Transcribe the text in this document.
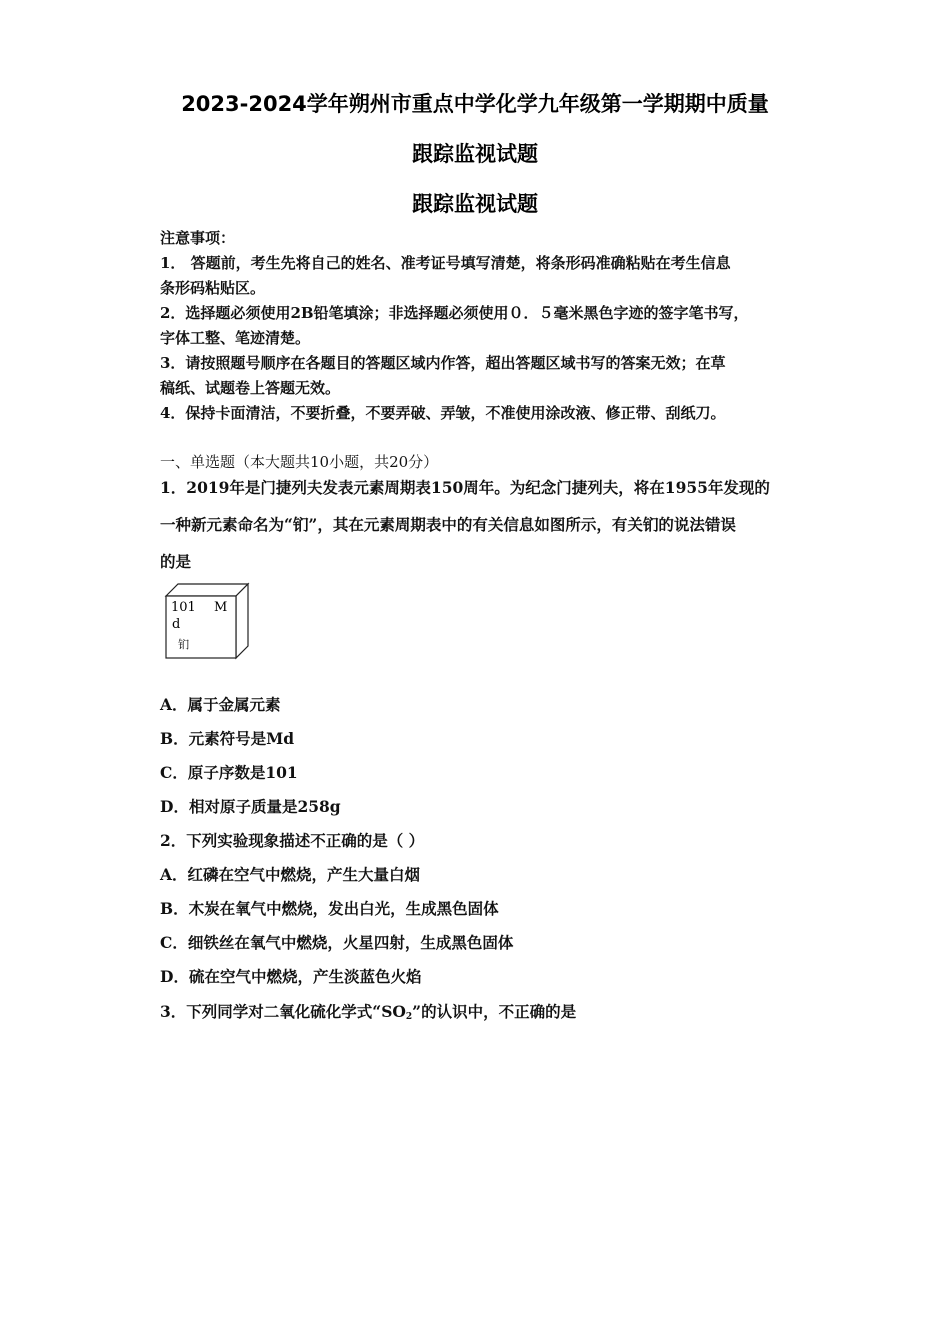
2023-2024学年朔州市重点中学化学九年级第一学期期中质量
跟踪监视试题
跟踪监视试题
注意事项：
1． 答题前，考生先将自己的姓名、准考证号填写清楚，将条形码准确粘贴在考生信息
条形码粘贴区。
2．选择题必须使用2B铅笔填涂；非选择题必须使用０．５毫米黑色字迹的签字笔书写，
字体工整、笔迹清楚。
3．请按照题号顺序在各题目的答题区域内作答，超出答题区域书写的答案无效；在草
稿纸、试题卷上答题无效。
4．保持卡面清洁，不要折叠，不要弄破、弄皱，不准使用涂改液、修正带、刮纸刀。
一、单选题（本大题共10小题，共20分）
1．2019年是门捷列夫发表元素周期表150周年。为纪念门捷列夫，将在1955年发现的
一种新元素命名为“钔”，其在元素周期表中的有关信息如图所示，有关钔的说法错误
的是
101 M
d
钔
A．属于金属元素
B．元素符号是Md
C．原子序数是101
D．相对原子质量是258g
2．下列实验现象描述不正确的是（ ）
A．红磷在空气中燃烧，产生大量白烟
B．木炭在氧气中燃烧，发出白光，生成黑色固体
C．细铁丝在氧气中燃烧，火星四射，生成黑色固体
D．硫在空气中燃烧，产生淡蓝色火焰
3．下列同学对二氧化硫化学式“$SO_2$”的认识中，不正确的是
